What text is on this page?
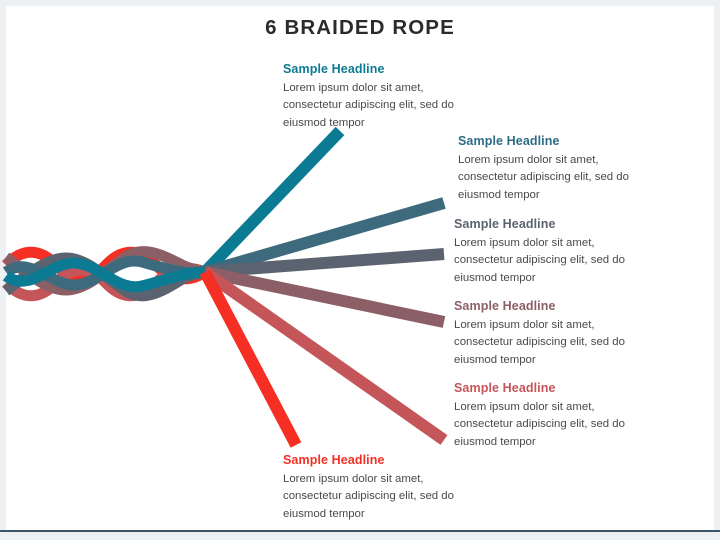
6 BRAIDED ROPE

Sample Headline

Lorem ipsum dolor sit amet, consectetur adipiscing elit, sed do eiusmod tempor

Sample Headline

Lorem ipsum dolor sit amet, consectetur adipiscing elit, sed do eiusmod tempor

Sample Headline

Lorem ipsum dolor sit amet, consectetur adipiscing elit, sed do eiusmod tempor

Sample Headline

Lorem ipsum dolor sit amet, consectetur adipiscing elit, sed do eiusmod tempor

Sample Headline

Lorem ipsum dolor sit amet, consectetur adipiscing elit, sed do eiusmod tempor

Sample Headline

Lorem ipsum dolor sit amet, consectetur adipiscing elit, sed do eiusmod tempor
